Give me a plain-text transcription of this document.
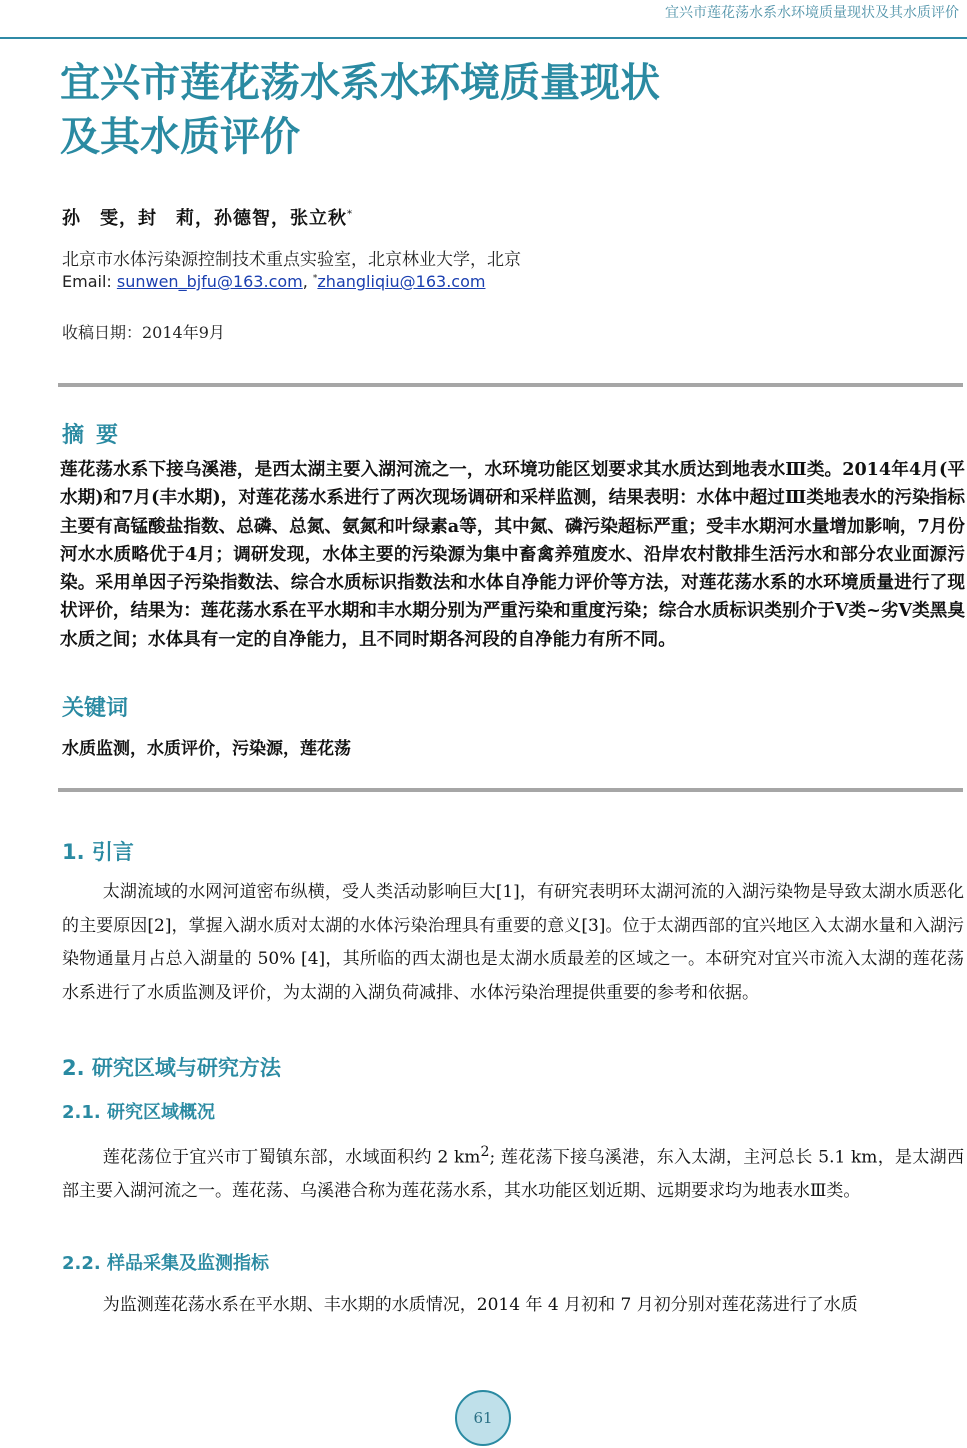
宜兴市莲花荡水系水环境质量现状及其水质评价
宜兴市莲花荡水系水环境质量现状
及其水质评价
孙　雯，封　莉，孙德智，张立秋*
北京市水体污染源控制技术重点实验室，北京林业大学，北京
Email: sunwen_bjfu@163.com, *zhangliqiu@163.com
收稿日期：2014年9月
摘要
莲花荡水系下接乌溪港，是西太湖主要入湖河流之一，水环境功能区划要求其水质达到地表水Ⅲ类。2014年4月(平水期)和7月(丰水期)，对莲花荡水系进行了两次现场调研和采样监测，结果表明：水体中超过Ⅲ类地表水的污染指标主要有高锰酸盐指数、总磷、总氮、氨氮和叶绿素a等，其中氮、磷污染超标严重；受丰水期河水量增加影响，7月份河水水质略优于4月；调研发现，水体主要的污染源为集中畜禽养殖废水、沿岸农村散排生活污水和部分农业面源污染。采用单因子污染指数法、综合水质标识指数法和水体自净能力评价等方法，对莲花荡水系的水环境质量进行了现状评价，结果为：莲花荡水系在平水期和丰水期分别为严重污染和重度污染；综合水质标识类别介于Ⅴ类~劣Ⅴ类黑臭水质之间；水体具有一定的自净能力，且不同时期各河段的自净能力有所不同。
关键词
水质监测，水质评价，污染源，莲花荡
1. 引言
太湖流域的水网河道密布纵横，受人类活动影响巨大[1]，有研究表明环太湖河流的入湖污染物是导致太湖水质恶化的主要原因[2]，掌握入湖水质对太湖的水体污染治理具有重要的意义[3]。位于太湖西部的宜兴地区入太湖水量和入湖污染物通量月占总入湖量的 50% [4]，其所临的西太湖也是太湖水质最差的区域之一。本研究对宜兴市流入太湖的莲花荡水系进行了水质监测及评价，为太湖的入湖负荷减排、水体污染治理提供重要的参考和依据。
2. 研究区域与研究方法
2.1. 研究区域概况
莲花荡位于宜兴市丁蜀镇东部，水域面积约 2 $km^2$; 莲花荡下接乌溪港，东入太湖，主河总长 5.1 km，是太湖西部主要入湖河流之一。莲花荡、乌溪港合称为莲花荡水系，其水功能区划近期、远期要求均为地表水Ⅲ类。
2.2. 样品采集及监测指标
为监测莲花荡水系在平水期、丰水期的水质情况，2014 年 4 月初和 7 月初分别对莲花荡进行了水质
61
